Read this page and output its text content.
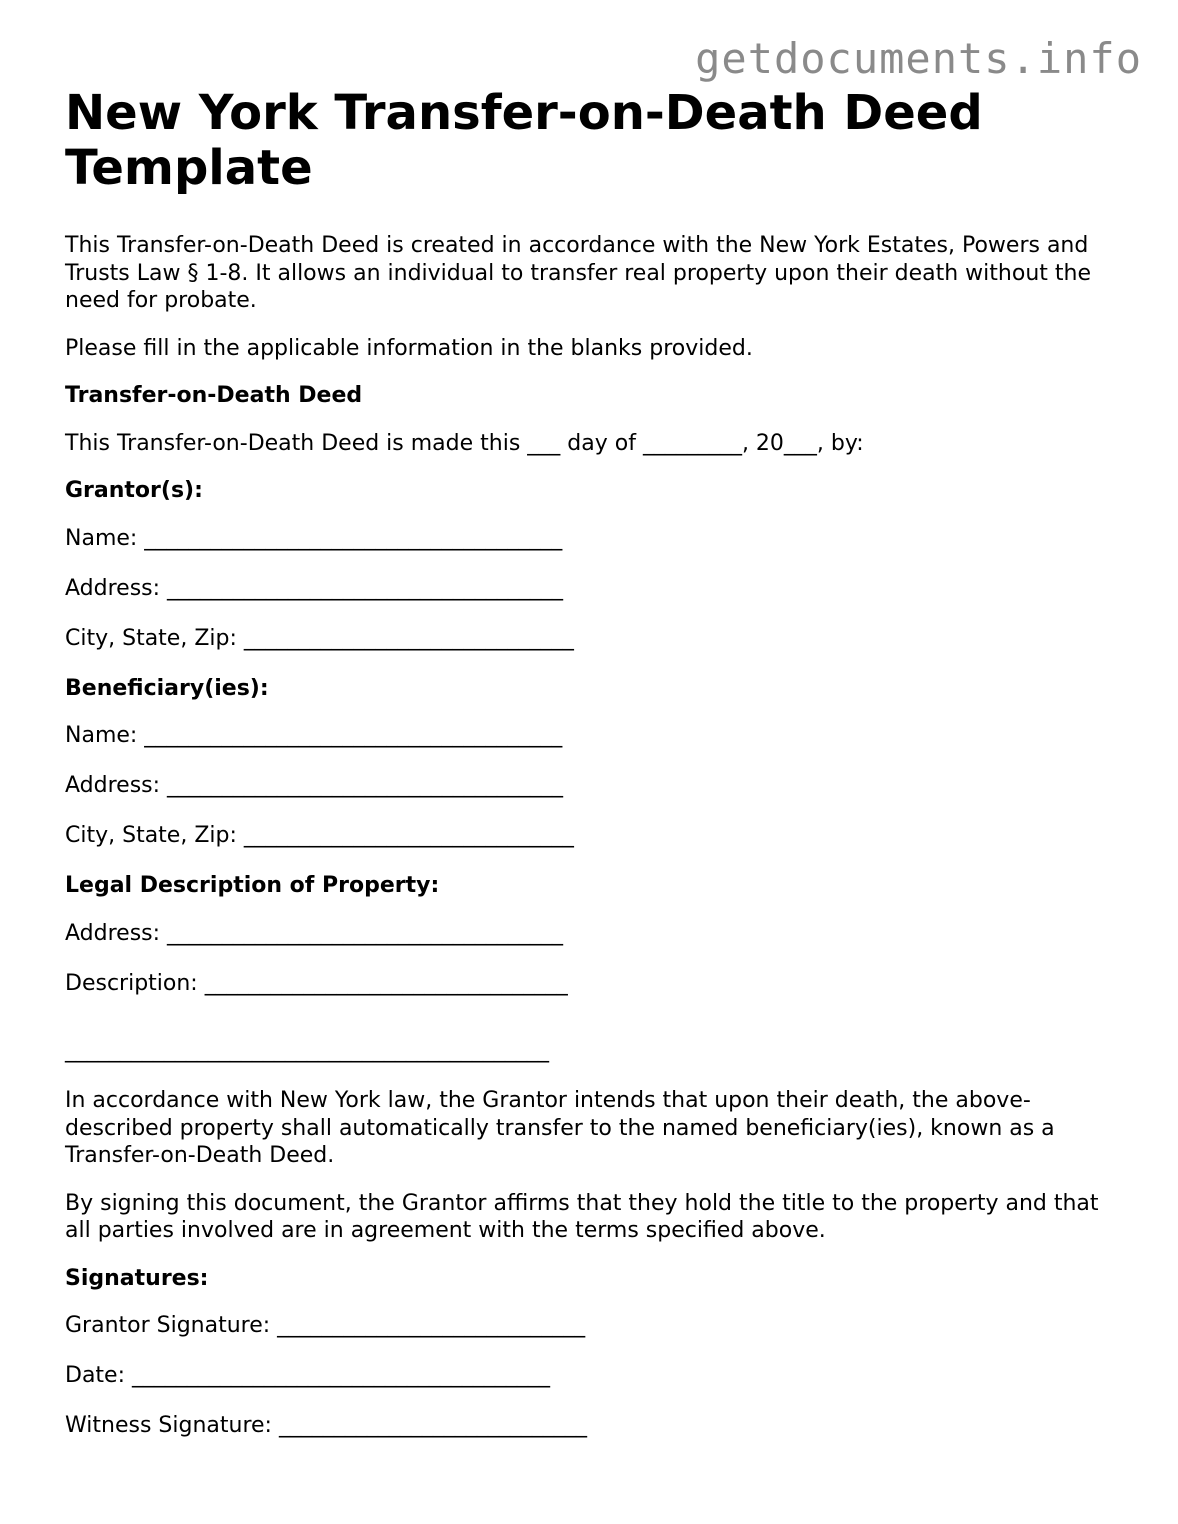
getdocuments.info
New York Transfer-on-Death Deed Template

This Transfer-on-Death Deed is created in accordance with the New York Estates, Powers and Trusts Law § 1-8. It allows an individual to transfer real property upon their death without the need for probate.

Please fill in the applicable information in the blanks provided.

Transfer-on-Death Deed

This Transfer-on-Death Deed is made this ___ day of _________, 20___, by:

Grantor(s):

Name: ______________________________________

Address: ____________________________________

City, State, Zip: ______________________________

Beneficiary(ies):

Name: ______________________________________

Address: ____________________________________

City, State, Zip: ______________________________

Legal Description of Property:

Address: ____________________________________

Description: _________________________________

____________________________________________

In accordance with New York law, the Grantor intends that upon their death, the above-described property shall automatically transfer to the named beneficiary(ies), known as a Transfer-on-Death Deed.

By signing this document, the Grantor affirms that they hold the title to the property and that all parties involved are in agreement with the terms specified above.

Signatures:

Grantor Signature: ____________________________

Date: ______________________________________

Witness Signature: ____________________________
